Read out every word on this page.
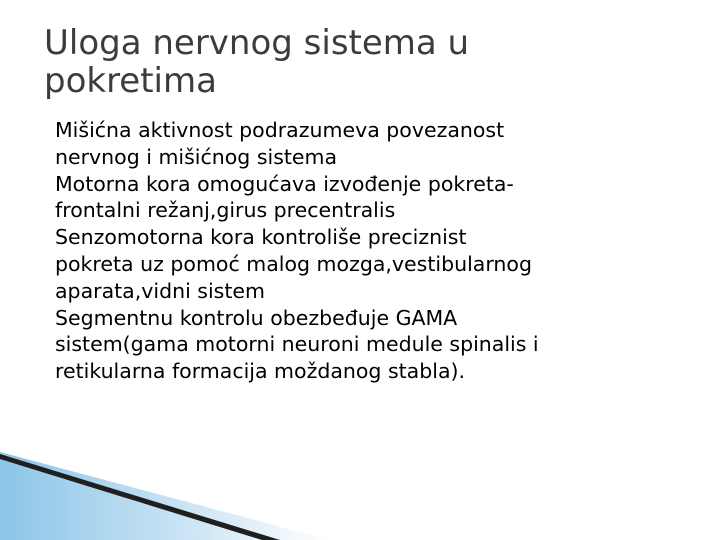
Uloga nervnog sistema u
pokretima
Mišićna aktivnost podrazumeva povezanost
nervnog i mišićnog sistema
Motorna kora omogućava izvođenje pokreta-
frontalni režanj,girus precentralis
Senzomotorna kora kontroliše preciznist
pokreta uz pomoć malog mozga,vestibularnog
aparata,vidni sistem
Segmentnu kontrolu obezbeđuje GAMA
sistem(gama motorni neuroni medule spinalis i
retikularna formacija moždanog stabla).
